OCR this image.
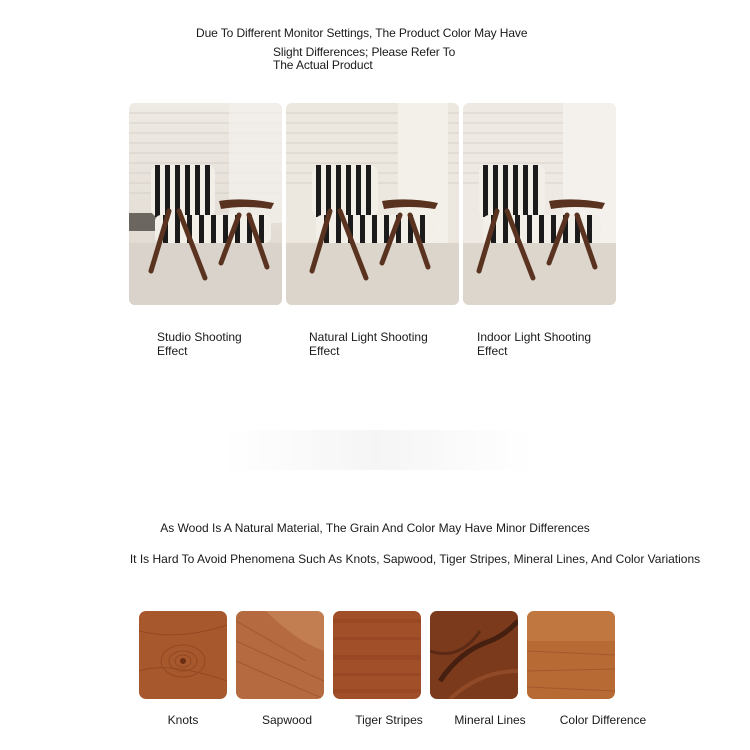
Due To Different Monitor Settings, The Product Color May Have
Slight Differences; Please Refer To
The Actual Product
Studio Shooting
Effect
Natural Light Shooting
Effect
Indoor Light Shooting
Effect
As Wood Is A Natural Material, The Grain And Color May Have Minor Differences
It Is Hard To Avoid Phenomena Such As Knots, Sapwood, Tiger Stripes, Mineral Lines, And Color Variations
Knots	Sapwood	Tiger Stripes	Mineral Lines	Color Difference
